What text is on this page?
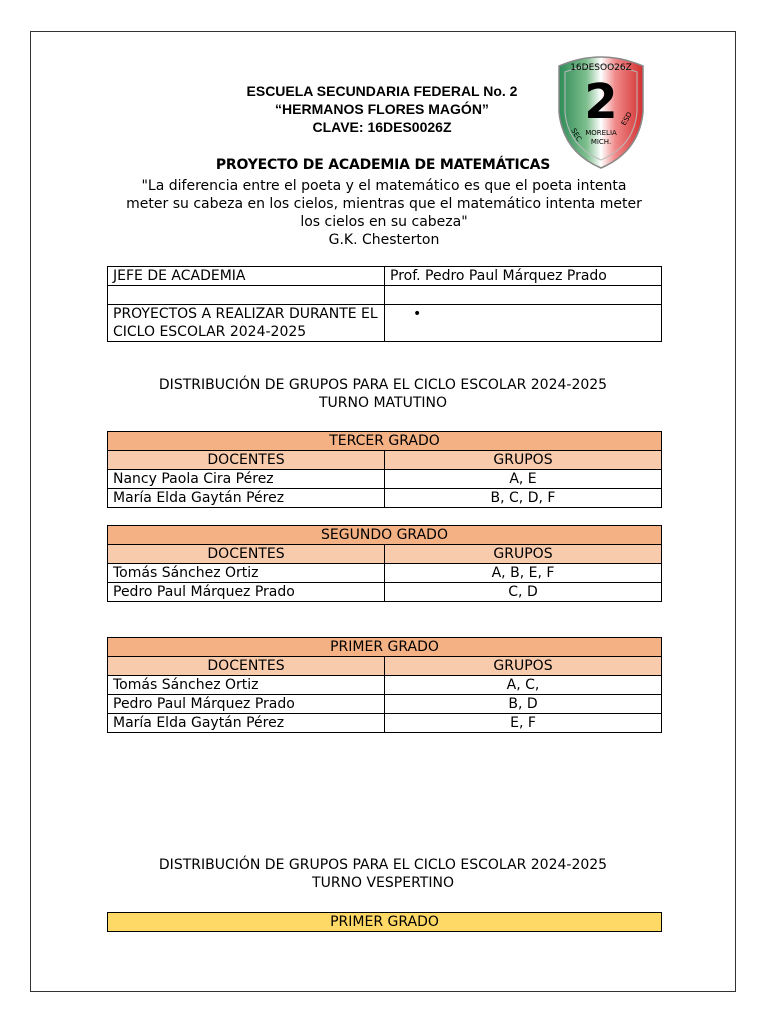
ESCUELA SECUNDARIA FEDERAL No. 2
“HERMANOS FLORES MAGÓN”
CLAVE: 16DES0026Z
16DESOO26Z
2
SEC
ESD
MORELIA
MICH.
PROYECTO DE ACADEMIA DE MATEMÁTICAS
"La diferencia entre el poeta y el matemático es que el poeta intenta
meter su cabeza en los cielos, mientras que el matemático intenta meter
los cielos en su cabeza"
G.K. Chesterton
JEFE DE ACADEMIA	Prof. Pedro Paul Márquez Prado

PROYECTOS A REALIZAR DURANTE EL CICLO ESCOLAR 2024-2025	•
DISTRIBUCIÓN DE GRUPOS PARA EL CICLO ESCOLAR 2024-2025
TURNO MATUTINO
TERCER GRADO	
DOCENTES	GRUPOS
Nancy Paola Cira Pérez	A, E
María Elda Gaytán Pérez	B, C, D, F
SEGUNDO GRADO	
DOCENTES	GRUPOS
Tomás Sánchez Ortiz	A, B, E, F
Pedro Paul Márquez Prado	C, D
PRIMER GRADO	
DOCENTES	GRUPOS
Tomás Sánchez Ortiz	A, C,
Pedro Paul Márquez Prado	B, D
María Elda Gaytán Pérez	E, F
DISTRIBUCIÓN DE GRUPOS PARA EL CICLO ESCOLAR 2024-2025
TURNO VESPERTINO
PRIMER GRADO
